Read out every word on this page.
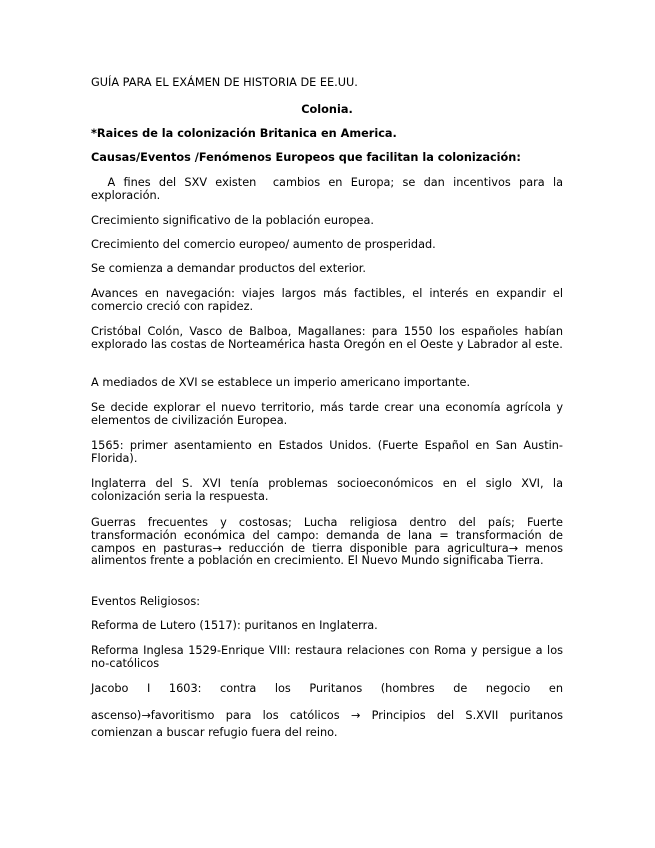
GUÍA PARA EL EXÁMEN DE HISTORIA DE EE.UU.

Colonia.

*Raices de la colonización Britanica en America.

Causas/Eventos /Fenómenos Europeos que facilitan la colonización:

A fines del SXV existen  cambios en Europa; se dan incentivos para la exploración.

Crecimiento significativo de la población europea.

Crecimiento del comercio europeo/ aumento de prosperidad.

Se comienza a demandar productos del exterior.

Avances en navegación: viajes largos más factibles, el interés en expandir el comercio creció con rapidez.

Cristóbal Colón, Vasco de Balboa, Magallanes: para 1550 los españoles habían explorado las costas de Norteamérica hasta Oregón en el Oeste y Labrador al este.

A mediados de XVI se establece un imperio americano importante.

Se decide explorar el nuevo territorio, más tarde crear una economía agrícola y elementos de civilización Europea.

1565: primer asentamiento en Estados Unidos. (Fuerte Español en San Austin-Florida).

Inglaterra del S. XVI tenía problemas socioeconómicos en el siglo XVI, la colonización seria la respuesta.

Guerras frecuentes y costosas; Lucha religiosa dentro del país; Fuerte transformación económica del campo: demanda de lana = transformación de campos en pasturas→ reducción de tierra disponible para agricultura→ menos alimentos frente a población en crecimiento. El Nuevo Mundo significaba Tierra.

Eventos Religiosos:

Reforma de Lutero (1517): puritanos en Inglaterra.

Reforma Inglesa 1529-Enrique VIII: restaura relaciones con Roma y persigue a los no-católicos

Jacobo I 1603: contra los Puritanos (hombres de negocio en

ascenso)→favoritismo para los católicos → Principios del S.XVII puritanos

comienzan a buscar refugio fuera del reino.
